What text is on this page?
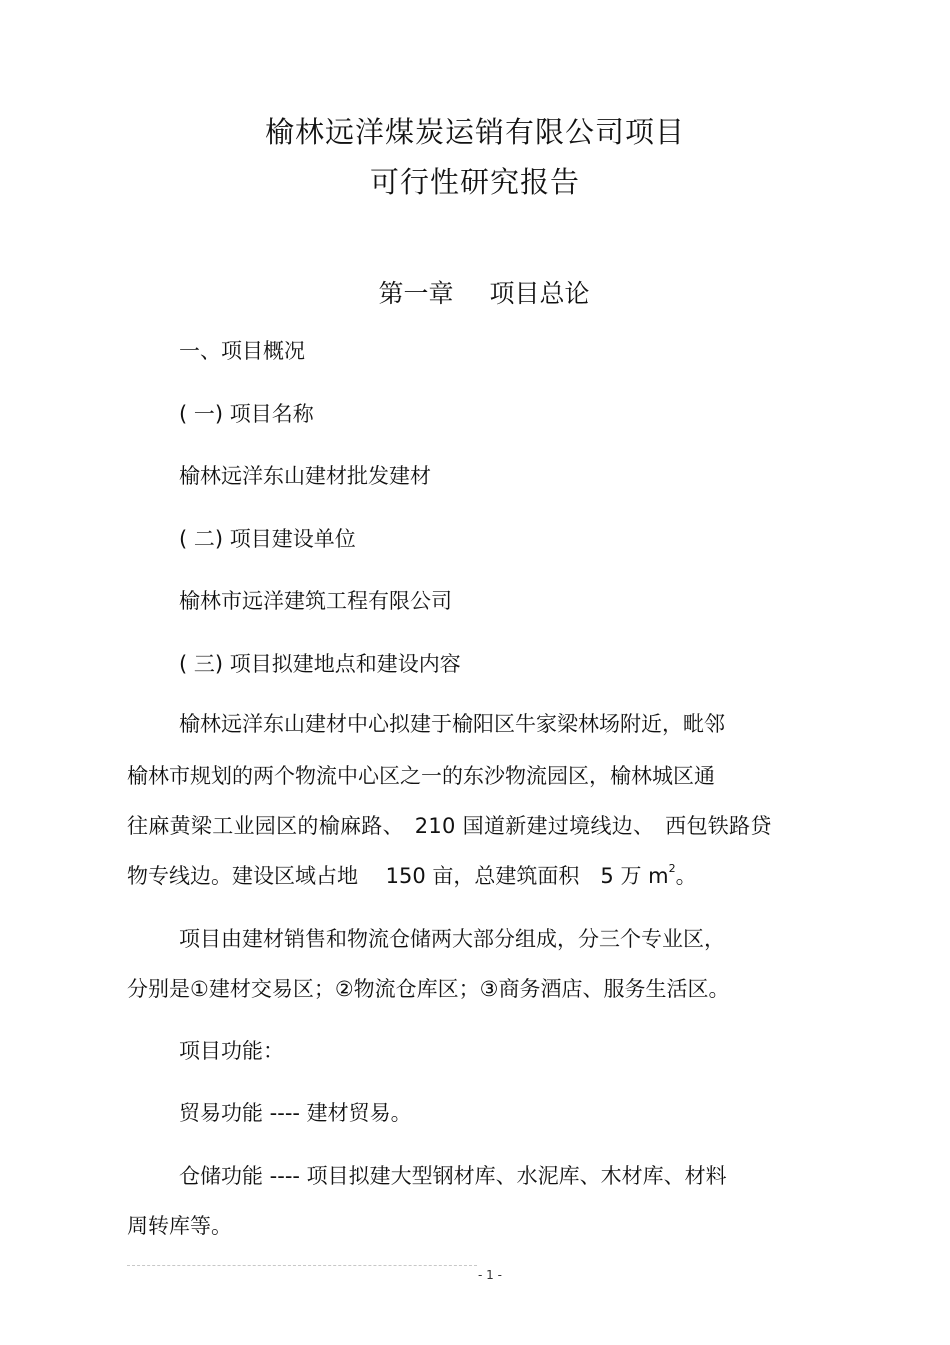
榆林远洋煤炭运销有限公司项目
可行性研究报告
第一章 项目总论
一、项目概况
( 一) 项目名称
榆林远洋东山建材批发建材
( 二) 项目建设单位
榆林市远洋建筑工程有限公司
( 三) 项目拟建地点和建设内容
榆林远洋东山建材中心拟建于榆阳区牛家梁林场附近，毗邻
榆林市规划的两个物流中心区之一的东沙物流园区，榆林城区通
往麻黄梁工业园区的榆麻路、　210 国道新建过境线边、　西包铁路贷
物专线边。建设区域占地　 150 亩，总建筑面积　5 万 $m^2$。
项目由建材销售和物流仓储两大部分组成，分三个专业区，
分别是①建材交易区；②物流仓库区；③商务酒店、服务生活区。
项目功能：
贸易功能 ---- 建材贸易。
仓储功能 ---- 项目拟建大型钢材库、水泥库、木材库、材料
周转库等。
- 1 -
